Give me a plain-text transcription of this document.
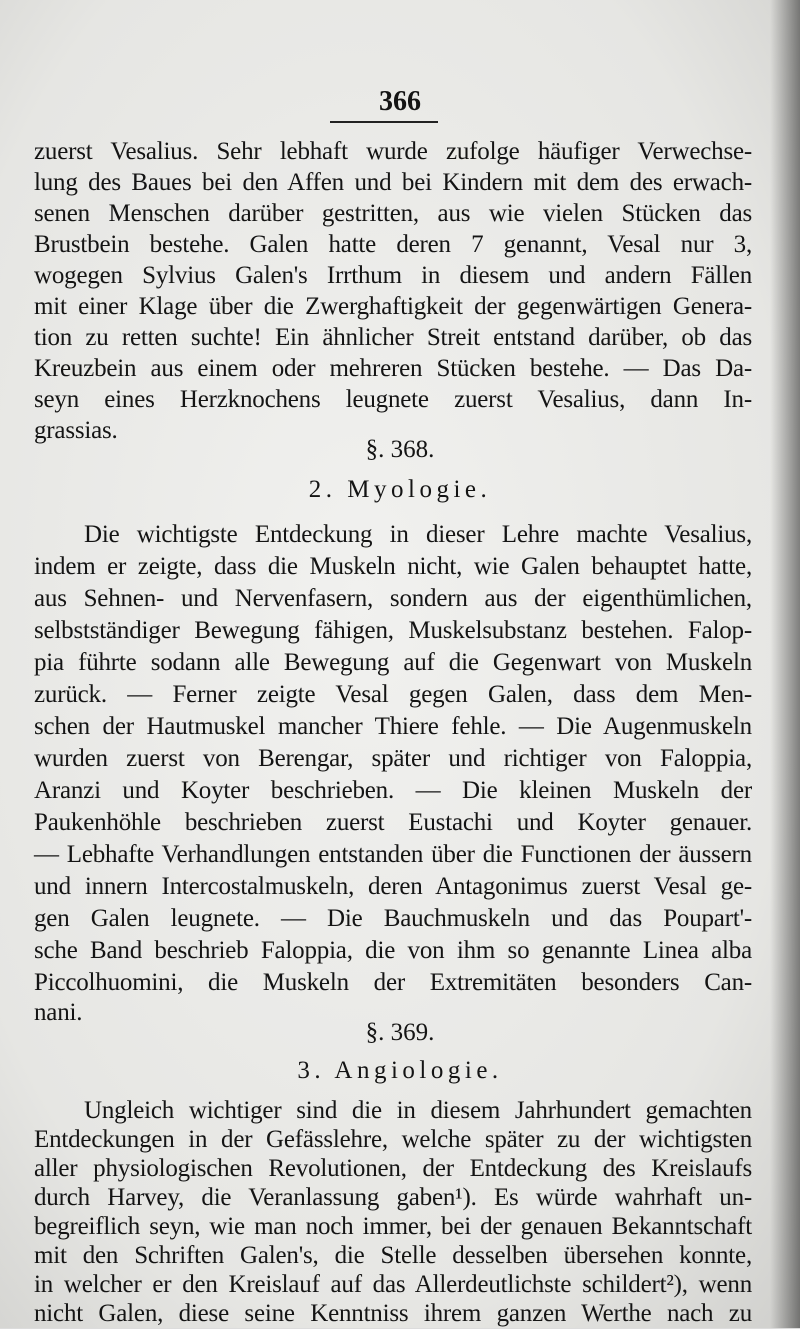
366
zuerst Vesalius. Sehr lebhaft wurde zufolge häufiger Verwechse-
lung des Baues bei den Affen und bei Kindern mit dem des erwach-
senen Menschen darüber gestritten, aus wie vielen Stücken das
Brustbein bestehe. Galen hatte deren 7 genannt, Vesal nur 3,
wogegen Sylvius Galen's Irrthum in diesem und andern Fällen
mit einer Klage über die Zwerghaftigkeit der gegenwärtigen Genera-
tion zu retten suchte! Ein ähnlicher Streit entstand darüber, ob das
Kreuzbein aus einem oder mehreren Stücken bestehe. — Das Da-
seyn eines Herzknochens leugnete zuerst Vesalius, dann In-
grassias.
§. 368.
2. Myologie.
Die wichtigste Entdeckung in dieser Lehre machte Vesalius,
indem er zeigte, dass die Muskeln nicht, wie Galen behauptet hatte,
aus Sehnen- und Nervenfasern, sondern aus der eigenthümlichen,
selbstständiger Bewegung fähigen, Muskelsubstanz bestehen. Falop-
pia führte sodann alle Bewegung auf die Gegenwart von Muskeln
zurück. — Ferner zeigte Vesal gegen Galen, dass dem Men-
schen der Hautmuskel mancher Thiere fehle. — Die Augenmuskeln
wurden zuerst von Berengar, später und richtiger von Faloppia,
Aranzi und Koyter beschrieben. — Die kleinen Muskeln der
Paukenhöhle beschrieben zuerst Eustachi und Koyter genauer.
— Lebhafte Verhandlungen entstanden über die Functionen der äussern
und innern Intercostalmuskeln, deren Antagonimus zuerst Vesal ge-
gen Galen leugnete. — Die Bauchmuskeln und das Poupart'-
sche Band beschrieb Faloppia, die von ihm so genannte Linea alba
Piccolhuomini, die Muskeln der Extremitäten besonders Can-
nani.
§. 369.
3. Angiologie.
Ungleich wichtiger sind die in diesem Jahrhundert gemachten
Entdeckungen in der Gefässlehre, welche später zu der wichtigsten
aller physiologischen Revolutionen, der Entdeckung des Kreislaufs
durch Harvey, die Veranlassung gaben¹). Es würde wahrhaft un-
begreiflich seyn, wie man noch immer, bei der genauen Bekanntschaft
mit den Schriften Galen's, die Stelle desselben übersehen konnte,
in welcher er den Kreislauf auf das Allerdeutlichste schildert²), wenn
nicht Galen, diese seine Kenntniss ihrem ganzen Werthe nach zu
